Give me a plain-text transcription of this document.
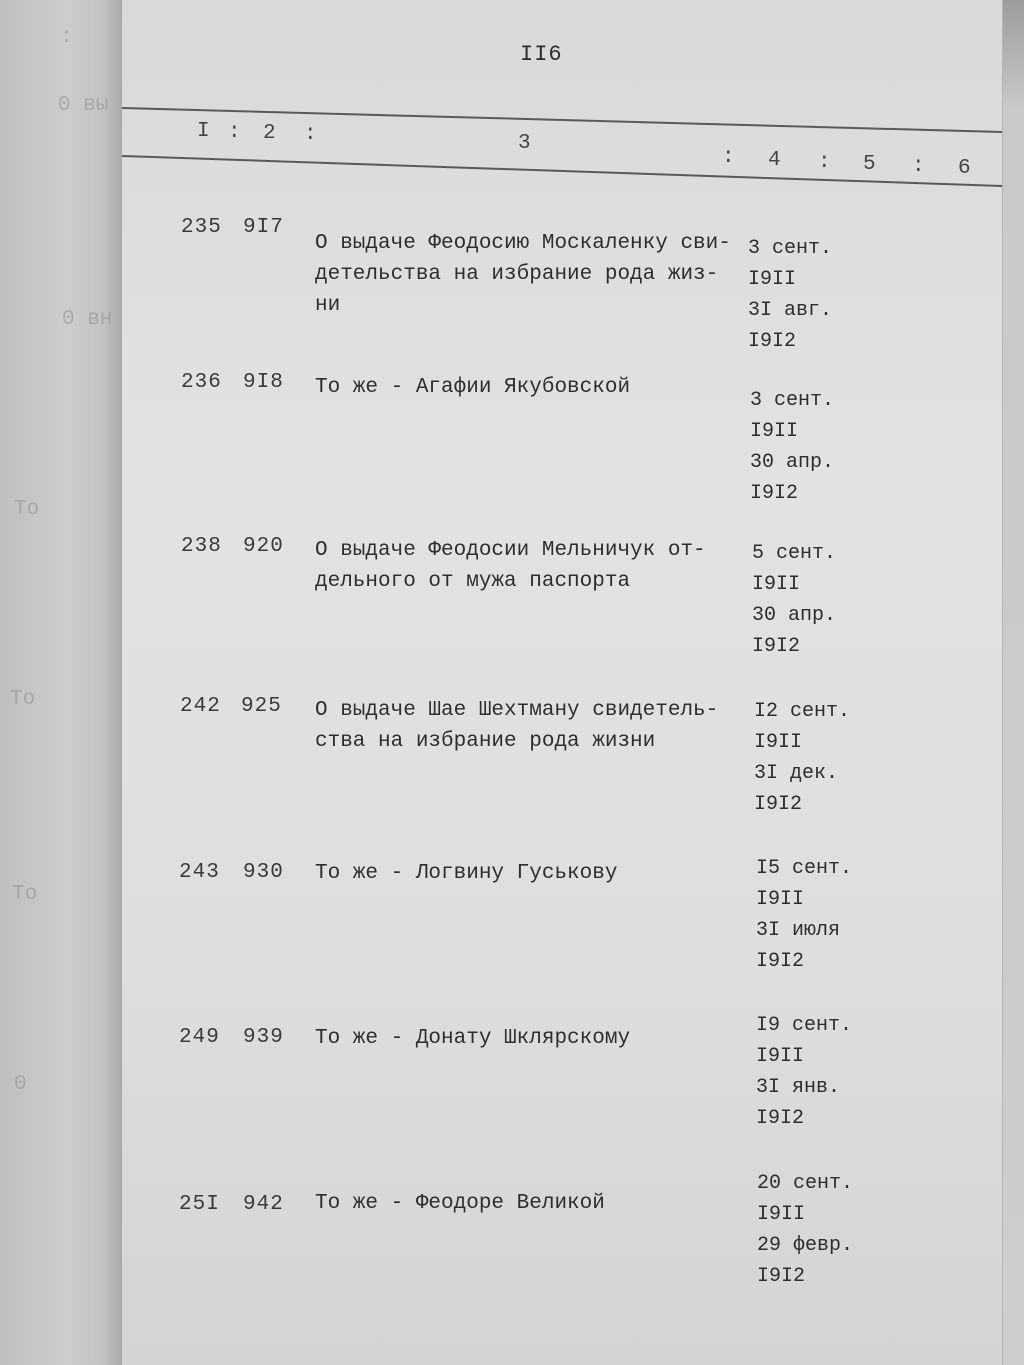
:
0 вы
0 вн
То
То
То
0
II6
I : 2 :	3
: 4 : 5 : 6
235 9I7
О выдаче Феодосию Москаленку сви-
детельства на избрание рода жиз-
ни
3 сент.
I9II
3I авг.
I9I2
236 9I8 То же - Агафии Якубовской
3 сент.
I9II
30 апр.
I9I2
238 920 О выдаче Феодосии Мельничук от-
дельного от мужа паспорта
5 сент.
I9II
30 апр.
I9I2
242 925 О выдаче Шае Шехтману свидетель-
ства на избрание рода жизни
I2 сент.
I9II
3I дек.
I9I2
243 930 То же - Логвину Гуськову	I5 сент.
I9II
3I июля
I9I2
249 939 То же - Донату Шклярскому
I9 сент.
I9II
3I янв.
I9I2
25I 942 То же - Феодоре Великой
20 сент.
I9II
29 февр.
I9I2
